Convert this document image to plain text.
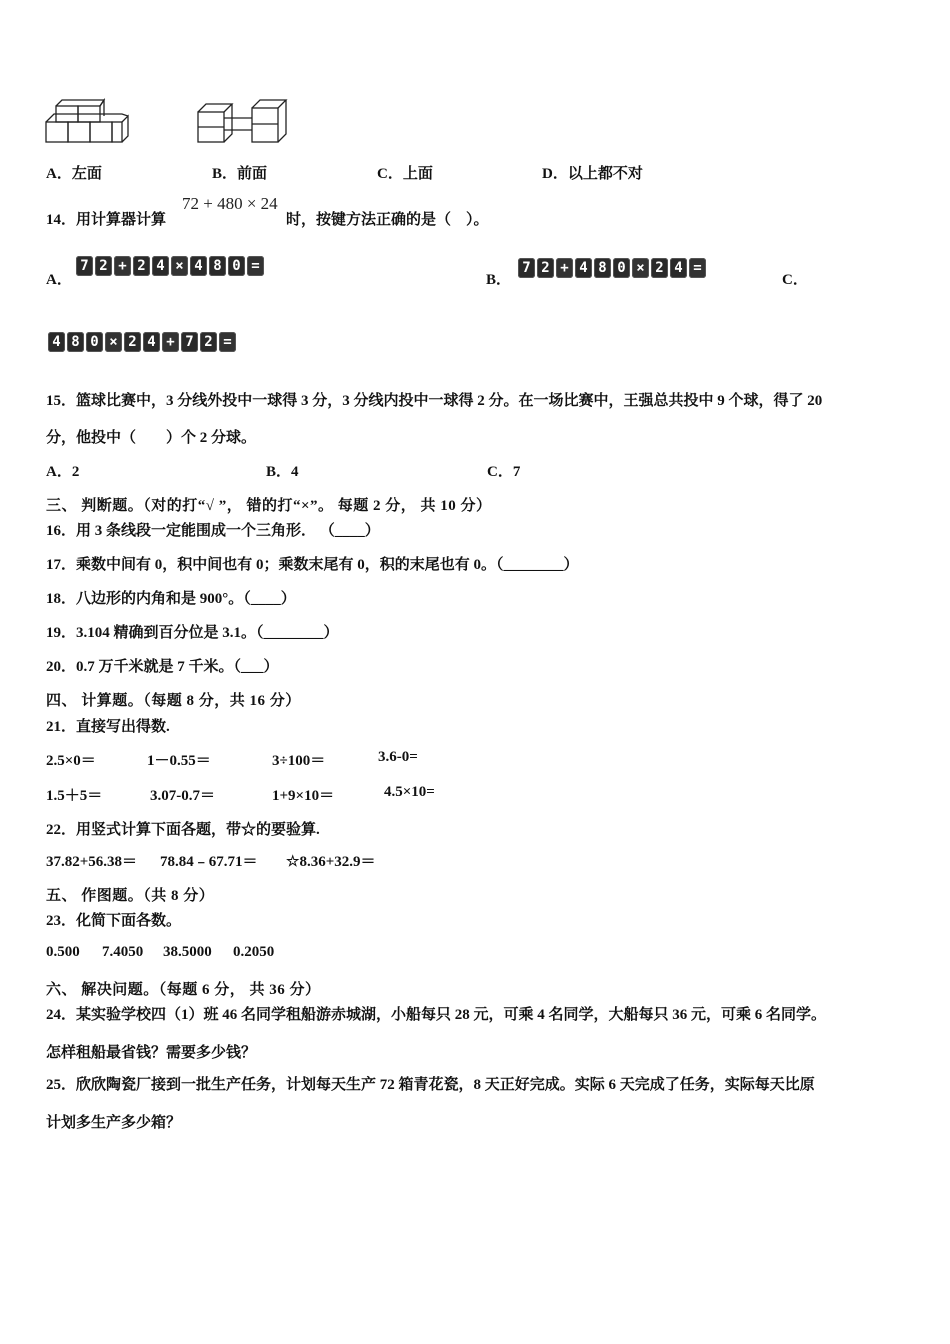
A．左面	B．前面	C．上面	D．以上都不对
14．用计算器计算
72 + 480 × 24
时，按键方法正确的是（　）。
A．
7 2 + 2 4 × 4 8 0 =
B．
7 2 + 4 8 0 × 2 4 =
C．
4 8 0 × 2 4 + 7 2 =
15．篮球比赛中，3 分线外投中一球得 3 分，3 分线内投中一球得 2 分。在一场比赛中，王强总共投中 9 个球，得了 20
分，他投中（　　）个 2 分球。
A．2	B．4	C．7
三、 判断题。（对的打“√ ”， 错的打“×”。 每题 2 分， 共 10 分）
16．用 3 条线段一定能围成一个三角形． （____）
17．乘数中间有 0，积中间也有 0；乘数末尾有 0，积的末尾也有 0。（________）
18．八边形的内角和是 900°。（____）
19．3.104 精确到百分位是 3.1。（________）
20．0.7 万千米就是 7 千米。（___）
四、 计算题。（每题 8 分，共 16 分）
21．直接写出得数.
2.5×0＝	1－0.55＝	3÷100＝	3.6-0=
1.5＋5＝	3.07-0.7＝	1+9×10＝	4.5×10=
22．用竖式计算下面各题，带☆的要验算.
37.82+56.38＝ 78.84﹣67.71＝ ☆8.36+32.9＝
五、 作图题。（共 8 分）
23．化简下面各数。
0.500 7.4050 38.5000 0.2050
六、 解决问题。（每题 6 分， 共 36 分）
24．某实验学校四（1）班 46 名同学租船游赤城湖，小船每只 28 元，可乘 4 名同学，大船每只 36 元，可乘 6 名同学。
怎样租船最省钱？需要多少钱？
25．欣欣陶瓷厂接到一批生产任务，计划每天生产 72 箱青花瓷，8 天正好完成。实际 6 天完成了任务，实际每天比原
计划多生产多少箱？
